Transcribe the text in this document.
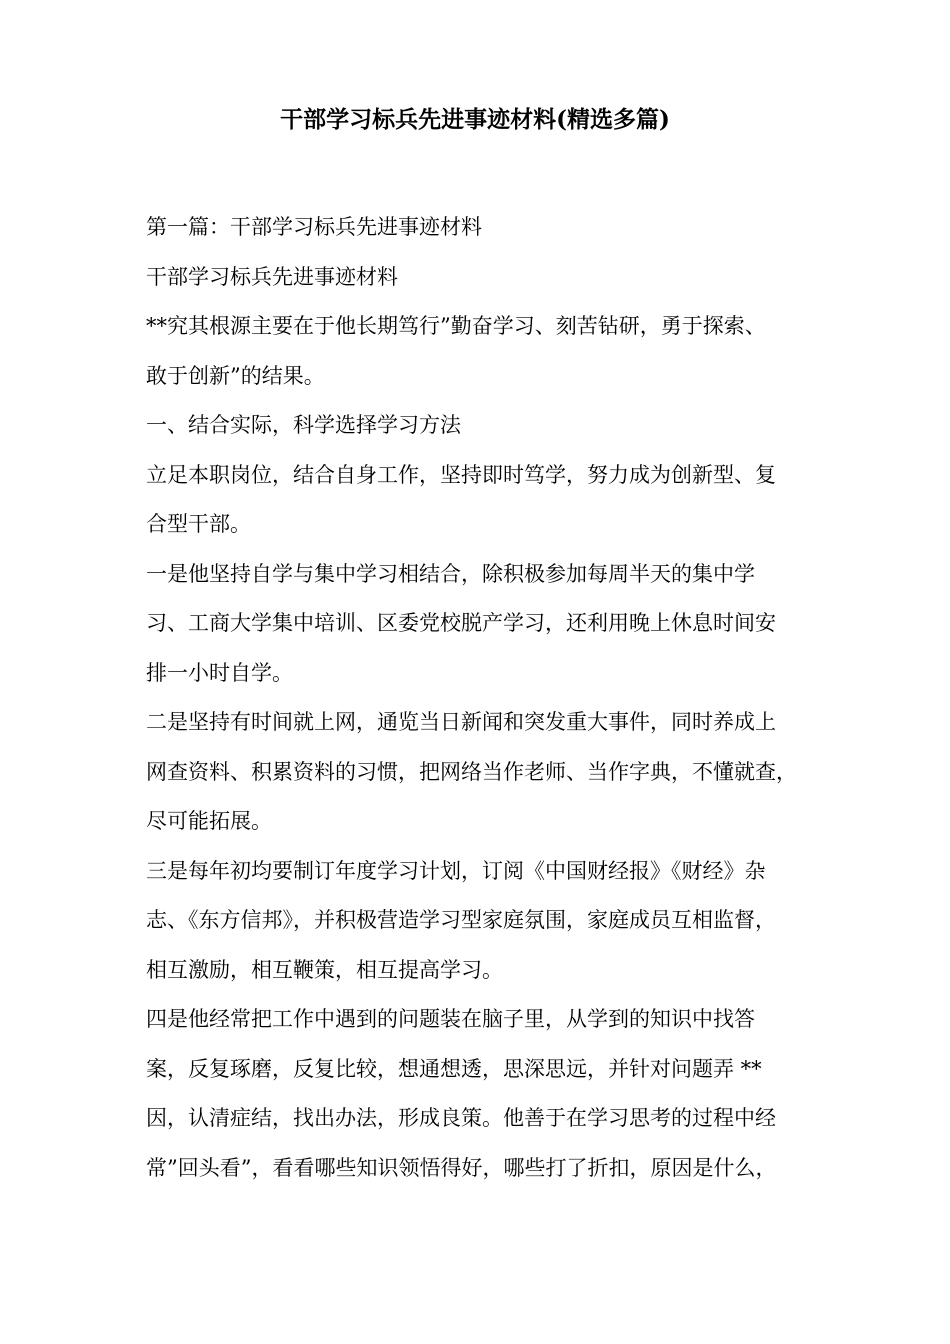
干部学习标兵先进事迹材料(精选多篇)
第一篇：干部学习标兵先进事迹材料
干部学习标兵先进事迹材料
**究其根源主要在于他长期笃行”勤奋学习、刻苦钻研，勇于探索、
敢于创新”的结果。
一、结合实际，科学选择学习方法
立足本职岗位，结合自身工作，坚持即时笃学，努力成为创新型、复
合型干部。
一是他坚持自学与集中学习相结合，除积极参加每周半天的集中学
习、工商大学集中培训、区委党校脱产学习，还利用晚上休息时间安
排一小时自学。
二是坚持有时间就上网，通览当日新闻和突发重大事件，同时养成上
网查资料、积累资料的习惯，把网络当作老师、当作字典，不懂就查，
尽可能拓展。
三是每年初均要制订年度学习计划，订阅《中国财经报》《财经》杂
志、《东方信邦》，并积极营造学习型家庭氛围，家庭成员互相监督，
相互激励，相互鞭策，相互提高学习。
四是他经常把工作中遇到的问题装在脑子里，从学到的知识中找答
案，反复琢磨，反复比较，想通想透，思深思远，并针对问题弄 **
因，认清症结，找出办法，形成良策。他善于在学习思考的过程中经
常”回头看”，看看哪些知识领悟得好，哪些打了折扣，原因是什么，
